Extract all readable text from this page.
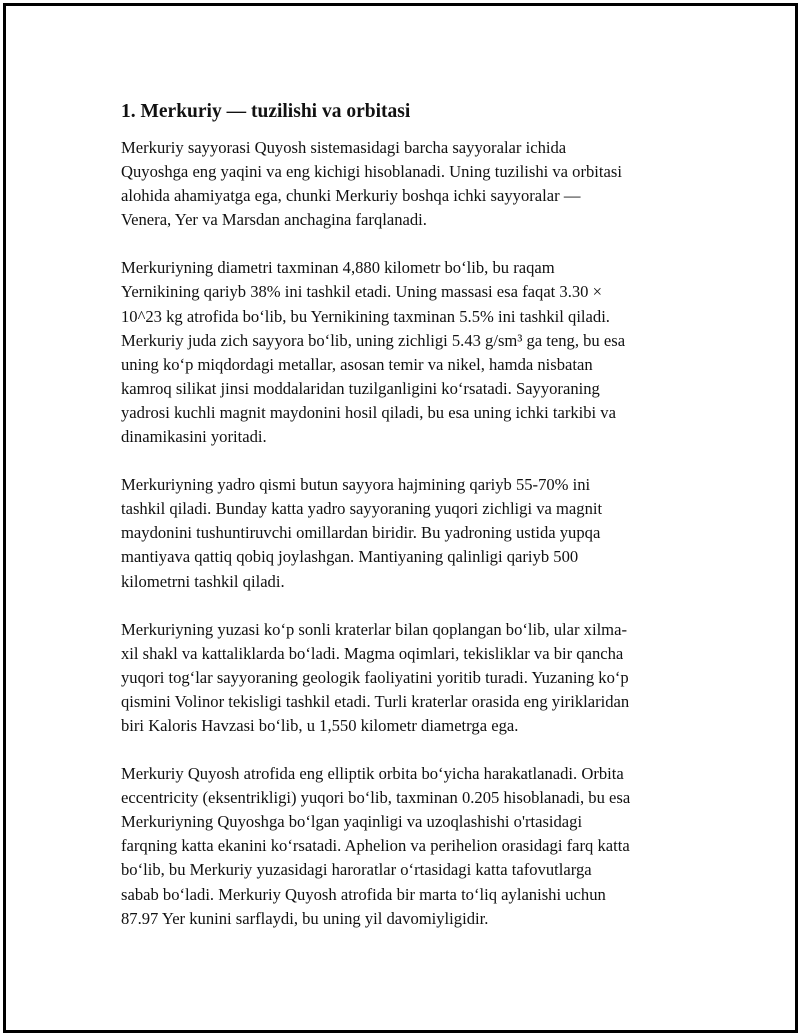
1. Merkuriy — tuzilishi va orbitasi

Merkuriy sayyorasi Quyosh sistemasidagi barcha sayyoralar ichida
Quyoshga eng yaqini va eng kichigi hisoblanadi. Uning tuzilishi va orbitasi
alohida ahamiyatga ega, chunki Merkuriy boshqa ichki sayyoralar —
Venera, Yer va Marsdan anchagina farqlanadi.

Merkuriyning diametri taxminan 4,880 kilometr bo‘lib, bu raqam
Yernikining qariyb 38% ini tashkil etadi. Uning massasi esa faqat 3.30 ×
10^23 kg atrofida bo‘lib, bu Yernikining taxminan 5.5% ini tashkil qiladi.
Merkuriy juda zich sayyora bo‘lib, uning zichligi 5.43 g/sm³ ga teng, bu esa
uning ko‘p miqdordagi metallar, asosan temir va nikel, hamda nisbatan
kamroq silikat jinsi moddalaridan tuzilganligini ko‘rsatadi. Sayyoraning
yadrosi kuchli magnit maydonini hosil qiladi, bu esa uning ichki tarkibi va
dinamikasini yoritadi.

Merkuriyning yadro qismi butun sayyora hajmining qariyb 55-70% ini
tashkil qiladi. Bunday katta yadro sayyoraning yuqori zichligi va magnit
maydonini tushuntiruvchi omillardan biridir. Bu yadroning ustida yupqa
mantiyava qattiq qobiq joylashgan. Mantiyaning qalinligi qariyb 500
kilometrni tashkil qiladi.

Merkuriyning yuzasi ko‘p sonli kraterlar bilan qoplangan bo‘lib, ular xilma-
xil shakl va kattaliklarda bo‘ladi. Magma oqimlari, tekisliklar va bir qancha
yuqori tog‘lar sayyoraning geologik faoliyatini yoritib turadi. Yuzaning ko‘p
qismini Volinor tekisligi tashkil etadi. Turli kraterlar orasida eng yiriklaridan
biri Kaloris Havzasi bo‘lib, u 1,550 kilometr diametrga ega.

Merkuriy Quyosh atrofida eng elliptik orbita bo‘yicha harakatlanadi. Orbita
eccentricity (eksentrikligi) yuqori bo‘lib, taxminan 0.205 hisoblanadi, bu esa
Merkuriyning Quyoshga bo‘lgan yaqinligi va uzoqlashishi o'rtasidagi
farqning katta ekanini ko‘rsatadi. Aphelion va perihelion orasidagi farq katta
bo‘lib, bu Merkuriy yuzasidagi haroratlar o‘rtasidagi katta tafovutlarga
sabab bo‘ladi. Merkuriy Quyosh atrofida bir marta to‘liq aylanishi uchun
87.97 Yer kunini sarflaydi, bu uning yil davomiyligidir.
